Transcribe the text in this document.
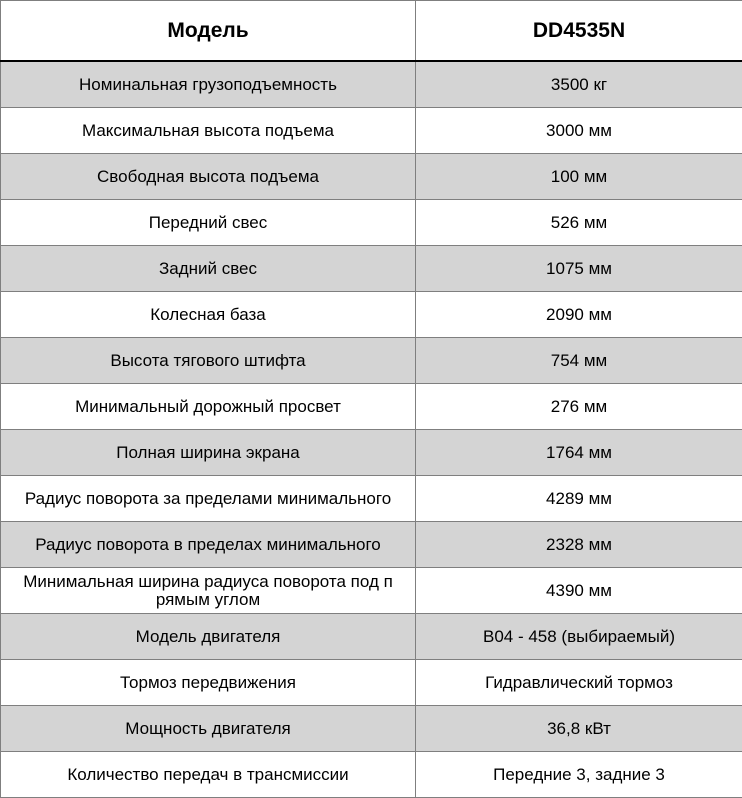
Модель	DD4535N
Номинальная грузоподъемность	3500 кг
Максимальная высота подъема	3000 мм
Свободная высота подъема	100 мм
Передний свес	526 мм
Задний свес	1075 мм
Колесная база	2090 мм
Высота тягового штифта	754 мм
Минимальный дорожный просвет	276 мм
Полная ширина экрана	1764 мм
Радиус поворота за пределами минимального	4289 мм
Радиус поворота в пределах минимального	2328 мм
Минимальная ширина радиуса поворота под п рямым углом	4390 мм
Модель двигателя	B04 - 458 (выбираемый)
Тормоз передвижения	Гидравлический тормоз
Мощность двигателя	36,8 кВт
Количество передач в трансмиссии	Передние 3, задние 3
